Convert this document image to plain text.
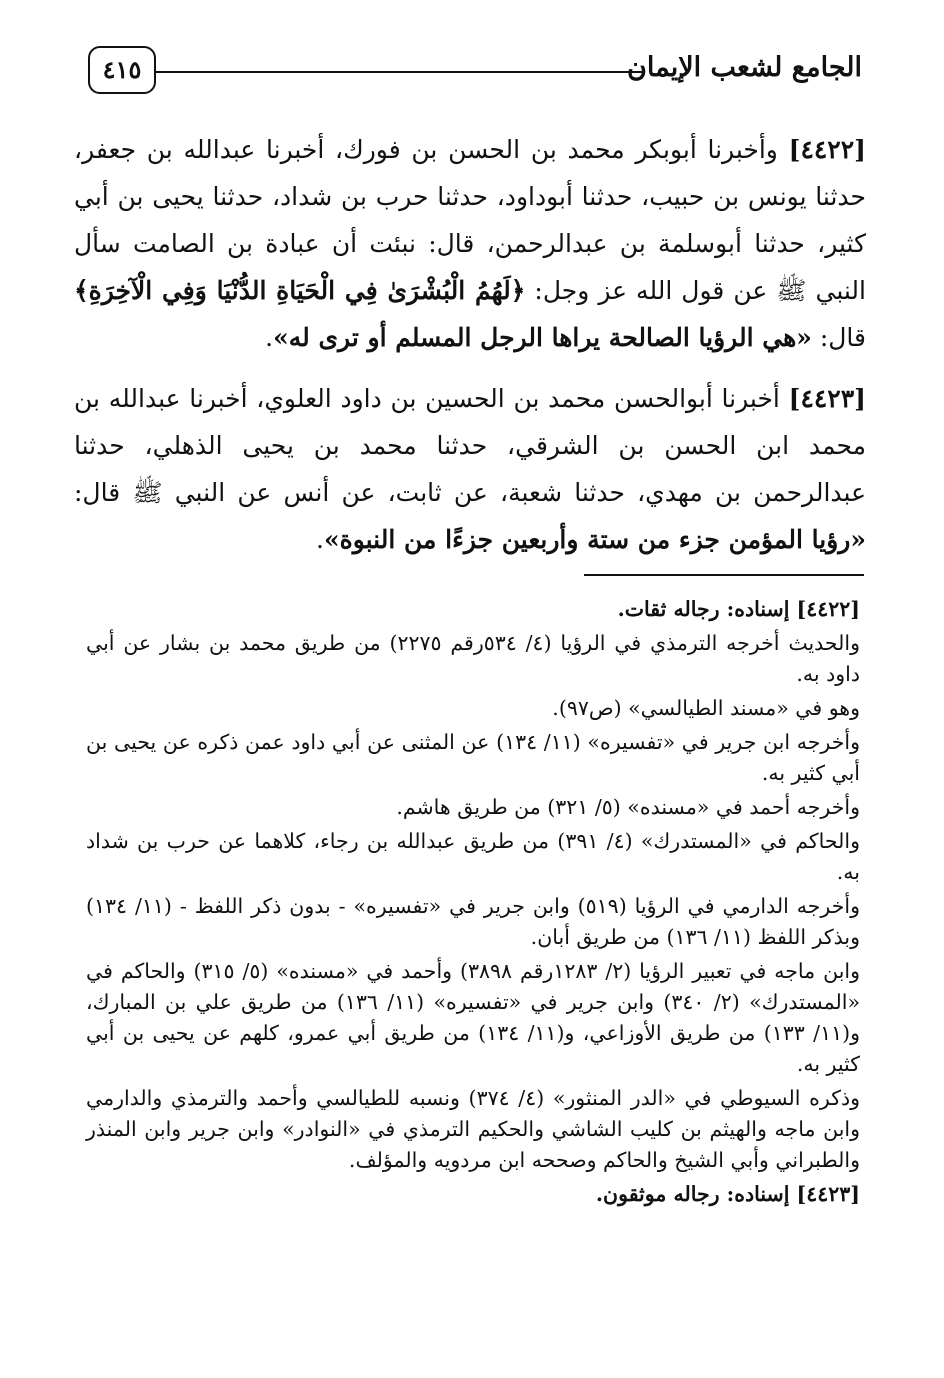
الجامع لشعب الإيمان
٤١٥

[٤٤٢٢] وأخبرنا أبوبكر محمد بن الحسن بن فورك، أخبرنا عبدالله بن جعفر، حدثنا يونس بن حبيب، حدثنا أبوداود، حدثنا حرب بن شداد، حدثنا يحيى بن أبي كثير، حدثنا أبوسلمة بن عبدالرحمن، قال: نبئت أن عبادة بن الصامت سأل النبي ﷺ عن قول الله عز وجل: ﴿لَهُمُ الْبُشْرَىٰ فِي الْحَيَاةِ الدُّنْيَا وَفِي الْآخِرَةِ﴾ قال: «هي الرؤيا الصالحة يراها الرجل المسلم أو ترى له».

[٤٤٢٣] أخبرنا أبوالحسن محمد بن الحسين بن داود العلوي، أخبرنا عبدالله بن محمد ابن الحسن بن الشرقي، حدثنا محمد بن يحيى الذهلي، حدثنا عبدالرحمن بن مهدي، حدثنا شعبة، عن ثابت، عن أنس عن النبي ﷺ قال: «رؤيا المؤمن جزء من ستة وأربعين جزءًا من النبوة».

[٤٤٢٢] إسناده: رجاله ثقات.

والحديث أخرجه الترمذي في الرؤيا (٤/ ٥٣٤رقم ٢٢٧٥) من طريق محمد بن بشار عن أبي داود به.

وهو في «مسند الطيالسي» (ص٩٧).

وأخرجه ابن جرير في «تفسيره» (١١/ ١٣٤) عن المثنى عن أبي داود عمن ذكره عن يحيى بن أبي كثير به.

وأخرجه أحمد في «مسنده» (٥/ ٣٢١) من طريق هاشم.

والحاكم في «المستدرك» (٤/ ٣٩١) من طريق عبدالله بن رجاء، كلاهما عن حرب بن شداد به.

وأخرجه الدارمي في الرؤيا (٥١٩) وابن جرير في «تفسيره» - بدون ذكر اللفظ - (١١/ ١٣٤) وبذكر اللفظ (١١/ ١٣٦) من طريق أبان.

وابن ماجه في تعبير الرؤيا (٢/ ١٢٨٣رقم ٣٨٩٨) وأحمد في «مسنده» (٥/ ٣١٥) والحاكم في «المستدرك» (٢/ ٣٤٠) وابن جرير في «تفسيره» (١١/ ١٣٦) من طريق علي بن المبارك، و(١١/ ١٣٣) من طريق الأوزاعي، و(١١/ ١٣٤) من طريق أبي عمرو، كلهم عن يحيى بن أبي كثير به.

وذكره السيوطي في «الدر المنثور» (٤/ ٣٧٤) ونسبه للطيالسي وأحمد والترمذي والدارمي وابن ماجه والهيثم بن كليب الشاشي والحكيم الترمذي في «النوادر» وابن جرير وابن المنذر والطبراني وأبي الشيخ والحاكم وصححه ابن مردويه والمؤلف.

[٤٤٢٣] إسناده: رجاله موثقون.
